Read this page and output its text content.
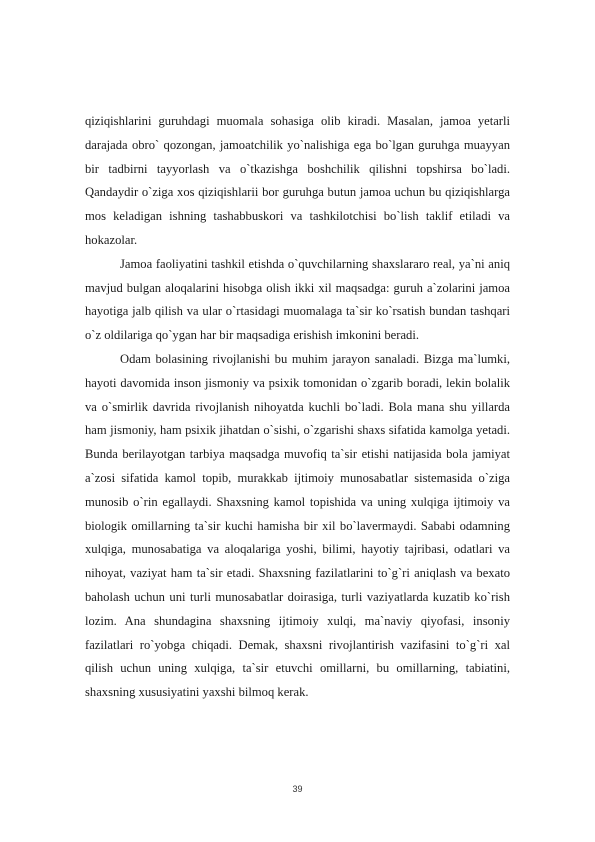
qiziqishlarini guruhdagi muomala sohasiga olib kiradi. Masalan, jamoa yetarli darajada obro` qozongan, jamoatchilik yo`nalishiga ega bo`lgan guruhga muayyan bir tadbirni tayyorlash va o`tkazishga boshchilik qilishni topshirsa bo`ladi. Qandaydir o`ziga xos qiziqishlarii bor guruhga butun jamoa uchun bu qiziqishlarga mos keladigan ishning tashabbuskori va tashkilotchisi bo`lish taklif etiladi va hokazolar.

Jamoa faoliyatini tashkil etishda o`quvchilarning shaxslararo real, ya`ni aniq mavjud bulgan aloqalarini hisobga olish ikki xil maqsadga: guruh a`zolarini jamoa hayotiga jalb qilish va ular o`rtasidagi muomalaga ta`sir ko`rsatish bundan tashqari o`z oldilariga qo`ygan har bir maqsadiga erishish imkonini beradi.

Odam bolasining rivojlanishi bu muhim jarayon sanaladi. Bizga ma`lumki, hayoti davomida inson jismoniy va psixik tomonidan o`zgarib boradi, lekin bolalik va o`smirlik davrida rivojlanish nihoyatda kuchli bo`ladi. Bola mana shu yillarda ham jismoniy, ham psixik jihatdan o`sishi, o`zgarishi shaxs sifatida kamolga yetadi. Bunda berilayotgan tarbiya maqsadga muvofiq ta`sir etishi natijasida bola jamiyat a`zosi sifatida kamol topib, murakkab ijtimoiy munosabatlar sistemasida o`ziga munosib o`rin egallaydi. Shaxsning kamol topishida va uning xulqiga ijtimoiy va biologik omillarning ta`sir kuchi hamisha bir xil bo`lavermaydi. Sababi odamning xulqiga, munosabatiga va aloqalariga yoshi, bilimi, hayotiy tajribasi, odatlari va nihoyat, vaziyat ham ta`sir etadi. Shaxsning fazilatlarini to`g`ri aniqlash va bexato baholash uchun uni turli munosabatlar doirasiga, turli vaziyatlarda kuzatib ko`rish lozim. Ana shundagina shaxsning ijtimoiy xulqi, ma`naviy qiyofasi, insoniy fazilatlari ro`yobga chiqadi. Demak, shaxsni rivojlantirish vazifasini to`g`ri xal qilish uchun uning xulqiga, ta`sir etuvchi omillarni, bu omillarning, tabiatini, shaxsning xususiyatini yaxshi bilmoq kerak.

39
